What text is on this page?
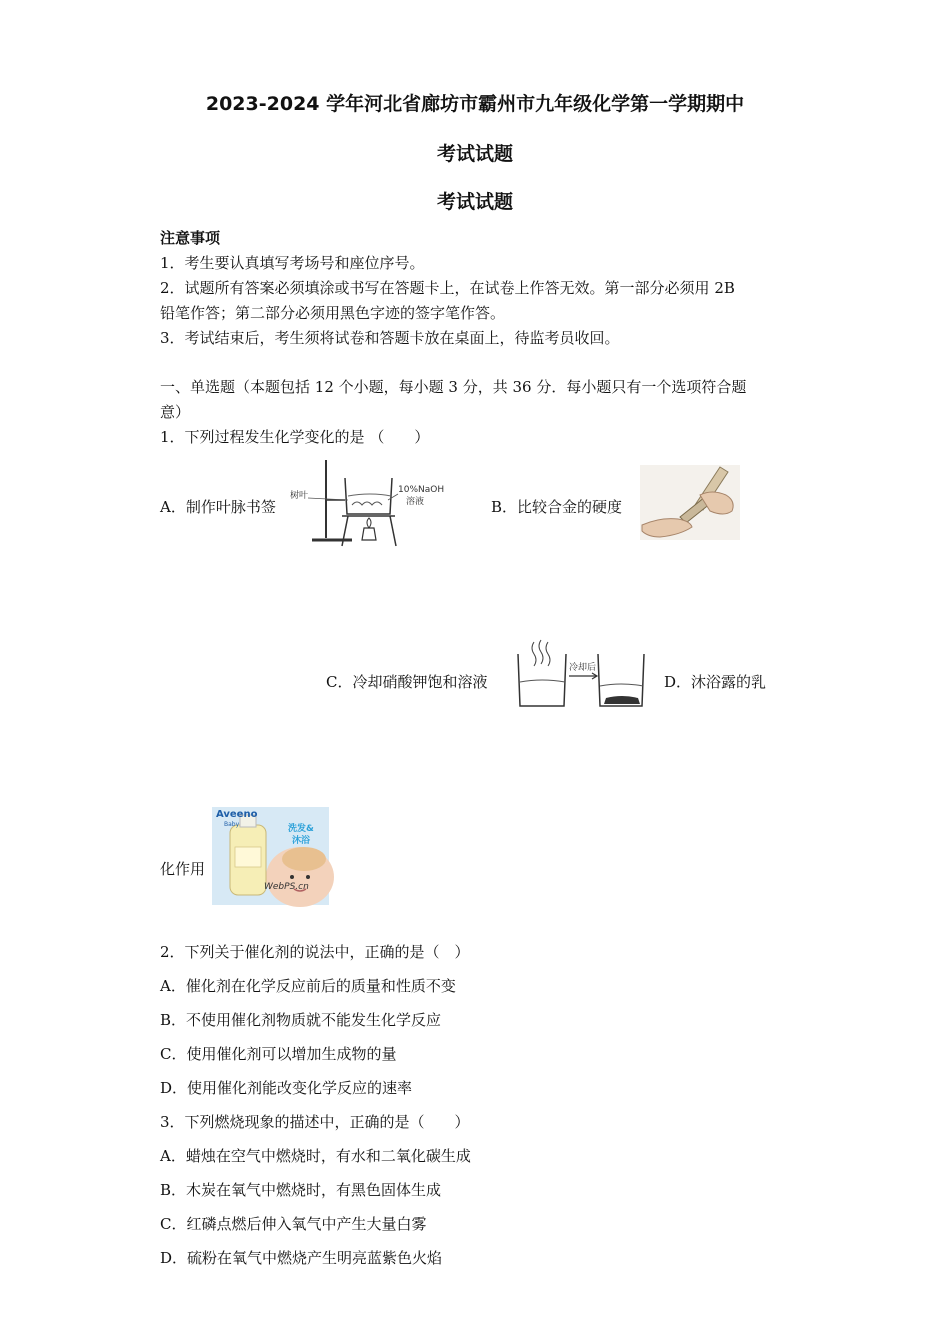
2023-2024 学年河北省廊坊市霸州市九年级化学第一学期期中
考试试题
考试试题
注意事项
1．考生要认真填写考场号和座位序号。
2．试题所有答案必须填涂或书写在答题卡上，在试卷上作答无效。第一部分必须用 2B
铅笔作答；第二部分必须用黑色字迹的签字笔作答。
3．考试结束后，考生须将试卷和答题卡放在桌面上，待监考员收回。
一、单选题（本题包括 12 个小题，每小题 3 分，共 36 分．每小题只有一个选项符合题
意）
1．下列过程发生化学变化的是 （　　）
A．制作叶脉书签
树叶
10%NaOH
溶液	B．比较合金的硬度
C．冷却硝酸钾饱和溶液
冷却后
D．沐浴露的乳
Aveeno
Baby	洗发&
沐浴
WebPS.cn
化作用
2．下列关于催化剂的说法中，正确的是（　）
A．催化剂在化学反应前后的质量和性质不变
B．不使用催化剂物质就不能发生化学反应
C．使用催化剂可以增加生成物的量
D．使用催化剂能改变化学反应的速率
3．下列燃烧现象的描述中，正确的是（　　）
A．蜡烛在空气中燃烧时，有水和二氧化碳生成
B．木炭在氧气中燃烧时，有黑色固体生成
C．红磷点燃后伸入氧气中产生大量白雾
D．硫粉在氧气中燃烧产生明亮蓝紫色火焰
